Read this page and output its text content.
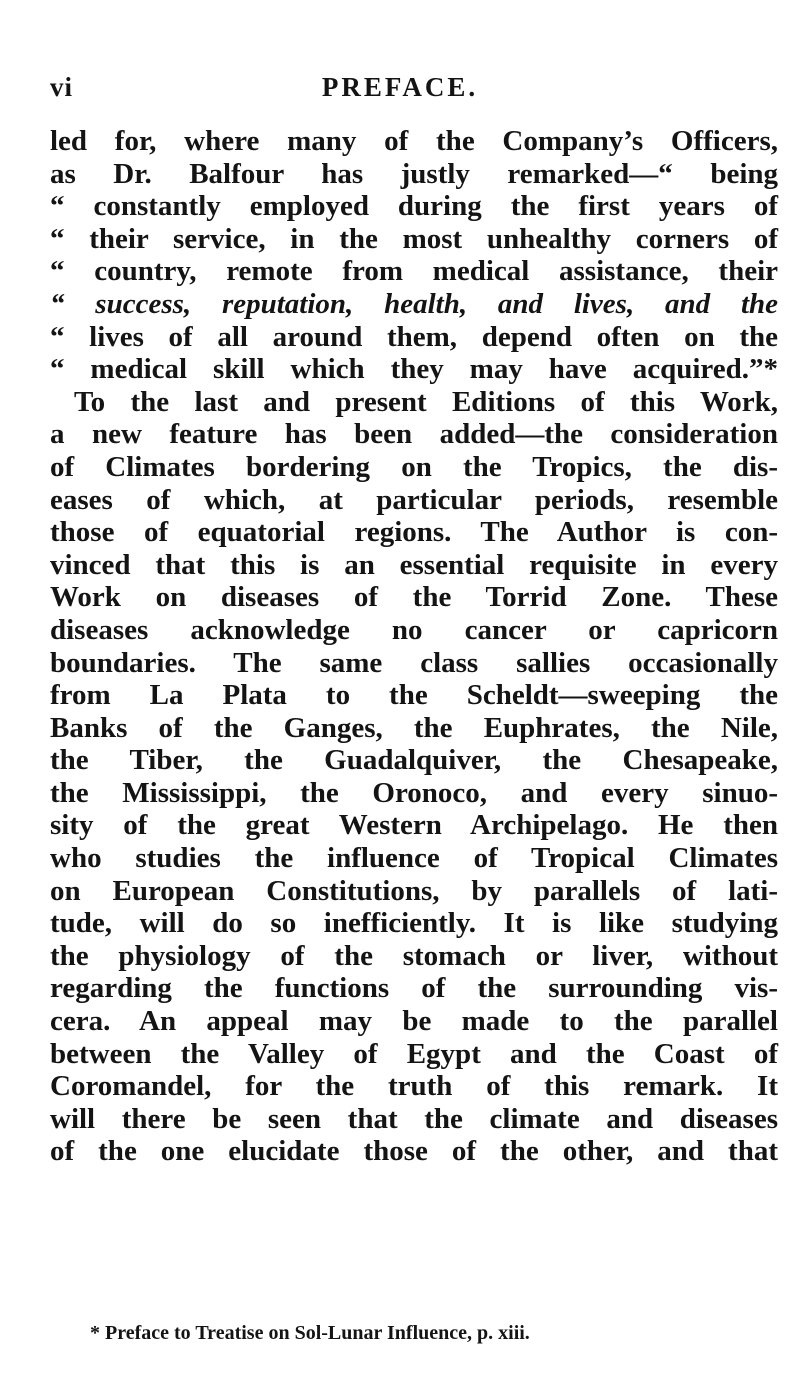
vi	PREFACE.
led for, where many of the Company’s Officers,
as Dr. Balfour has justly remarked—“ being
“ constantly employed during the first years of
“ their service, in the most unhealthy corners of
“ country, remote from medical assistance, their
“ success, reputation, health, and lives, and the
“ lives of all around them, depend often on the
“ medical skill which they may have acquired.”*
To the last and present Editions of this Work,
a new feature has been added—the consideration
of Climates bordering on the Tropics, the dis-
eases of which, at particular periods, resemble
those of equatorial regions. The Author is con-
vinced that this is an essential requisite in every
Work on diseases of the Torrid Zone. These
diseases acknowledge no cancer or capricorn
boundaries. The same class sallies occasionally
from La Plata to the Scheldt—sweeping the
Banks of the Ganges, the Euphrates, the Nile,
the Tiber, the Guadalquiver, the Chesapeake,
the Mississippi, the Oronoco, and every sinuo-
sity of the great Western Archipelago. He then
who studies the influence of Tropical Climates
on European Constitutions, by parallels of lati-
tude, will do so inefficiently. It is like studying
the physiology of the stomach or liver, without
regarding the functions of the surrounding vis-
cera. An appeal may be made to the parallel
between the Valley of Egypt and the Coast of
Coromandel, for the truth of this remark. It
will there be seen that the climate and diseases
of the one elucidate those of the other, and that
* Preface to Treatise on Sol-Lunar Influence, p. xiii.
